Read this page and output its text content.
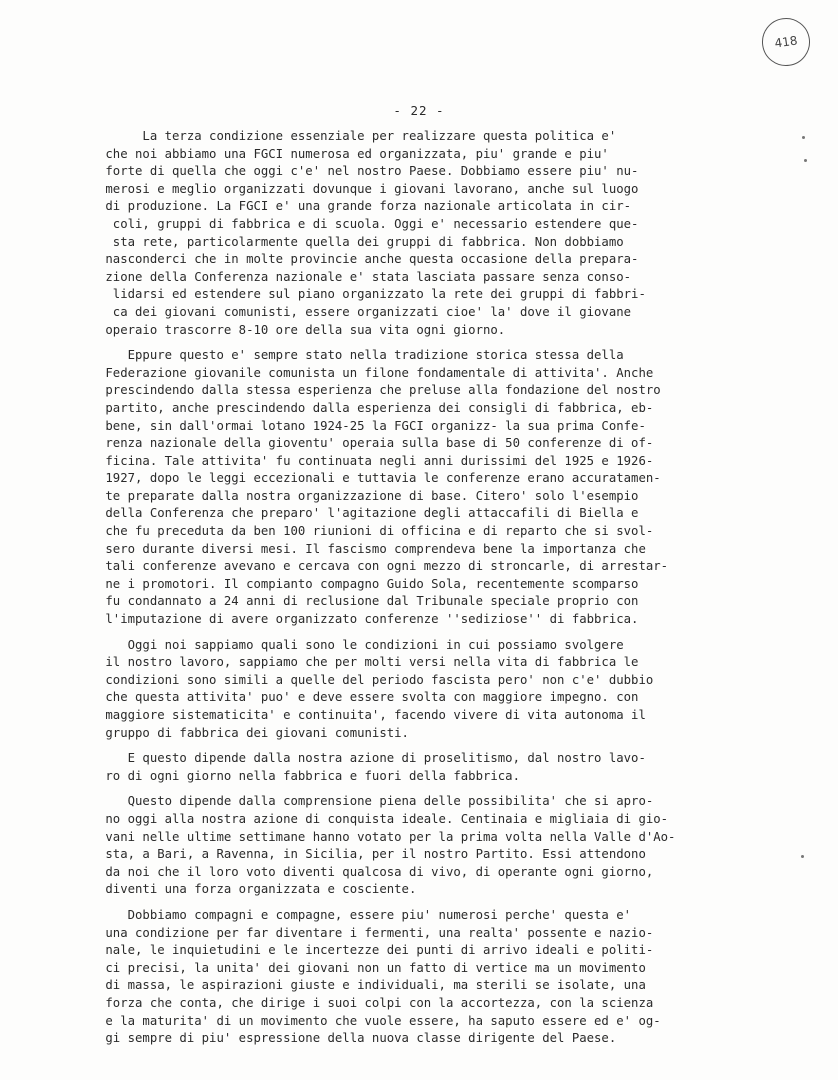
418
- 22 -
La terza condizione essenziale per realizzare questa politica e'
che noi abbiamo una FGCI numerosa ed organizzata, piu' grande e piu'
forte di quella che oggi c'e' nel nostro Paese. Dobbiamo essere piu' nu-
merosi e meglio organizzati dovunque i giovani lavorano, anche sul luogo
di produzione. La FGCI e' una grande forza nazionale articolata in cir-
coli, gruppi di fabbrica e di scuola. Oggi e' necessario estendere que-
sta rete, particolarmente quella dei gruppi di fabbrica. Non dobbiamo
nasconderci che in molte provincie anche questa occasione della prepara-
zione della Conferenza nazionale e' stata lasciata passare senza conso-
lidarsi ed estendere sul piano organizzato la rete dei gruppi di fabbri-
ca dei giovani comunisti, essere organizzati cioe' la' dove il giovane
operaio trascorre 8-10 ore della sua vita ogni giorno.
Eppure questo e' sempre stato nella tradizione storica stessa della
Federazione giovanile comunista un filone fondamentale di attivita'. Anche
prescindendo dalla stessa esperienza che preluse alla fondazione del nostro
partito, anche prescindendo dalla esperienza dei consigli di fabbrica, eb-
bene, sin dall'ormai lotano 1924-25 la FGCI organizz- la sua prima Confe-
renza nazionale della gioventu' operaia sulla base di 50 conferenze di of-
ficina. Tale attivita' fu continuata negli anni durissimi del 1925 e 1926-
1927, dopo le leggi eccezionali e tuttavia le conferenze erano accuratamen-
te preparate dalla nostra organizzazione di base. Citero' solo l'esempio
della Conferenza che preparo' l'agitazione degli attaccafili di Biella e
che fu preceduta da ben 100 riunioni di officina e di reparto che si svol-
sero durante diversi mesi. Il fascismo comprendeva bene la importanza che
tali conferenze avevano e cercava con ogni mezzo di stroncarle, di arrestar-
ne i promotori. Il compianto compagno Guido Sola, recentemente scomparso
fu condannato a 24 anni di reclusione dal Tribunale speciale proprio con
l'imputazione di avere organizzato conferenze ''sediziose'' di fabbrica.
Oggi noi sappiamo quali sono le condizioni in cui possiamo svolgere
il nostro lavoro, sappiamo che per molti versi nella vita di fabbrica le
condizioni sono simili a quelle del periodo fascista pero' non c'e' dubbio
che questa attivita' puo' e deve essere svolta con maggiore impegno. con
maggiore sistematicita' e continuita', facendo vivere di vita autonoma il
gruppo di fabbrica dei giovani comunisti.
E questo dipende dalla nostra azione di proselitismo, dal nostro lavo-
ro di ogni giorno nella fabbrica e fuori della fabbrica.
Questo dipende dalla comprensione piena delle possibilita' che si apro-
no oggi alla nostra azione di conquista ideale. Centinaia e migliaia di gio-
vani nelle ultime settimane hanno votato per la prima volta nella Valle d'Ao-
sta, a Bari, a Ravenna, in Sicilia, per il nostro Partito. Essi attendono
da noi che il loro voto diventi qualcosa di vivo, di operante ogni giorno,
diventi una forza organizzata e cosciente.
Dobbiamo compagni e compagne, essere piu' numerosi perche' questa e'
una condizione per far diventare i fermenti, una realta' possente e nazio-
nale, le inquietudini e le incertezze dei punti di arrivo ideali e politi-
ci precisi, la unita' dei giovani non un fatto di vertice ma un movimento
di massa, le aspirazioni giuste e individuali, ma sterili se isolate, una
forza che conta, che dirige i suoi colpi con la accortezza, con la scienza
e la maturita' di un movimento che vuole essere, ha saputo essere ed e' og-
gi sempre di piu' espressione della nuova classe dirigente del Paese.
